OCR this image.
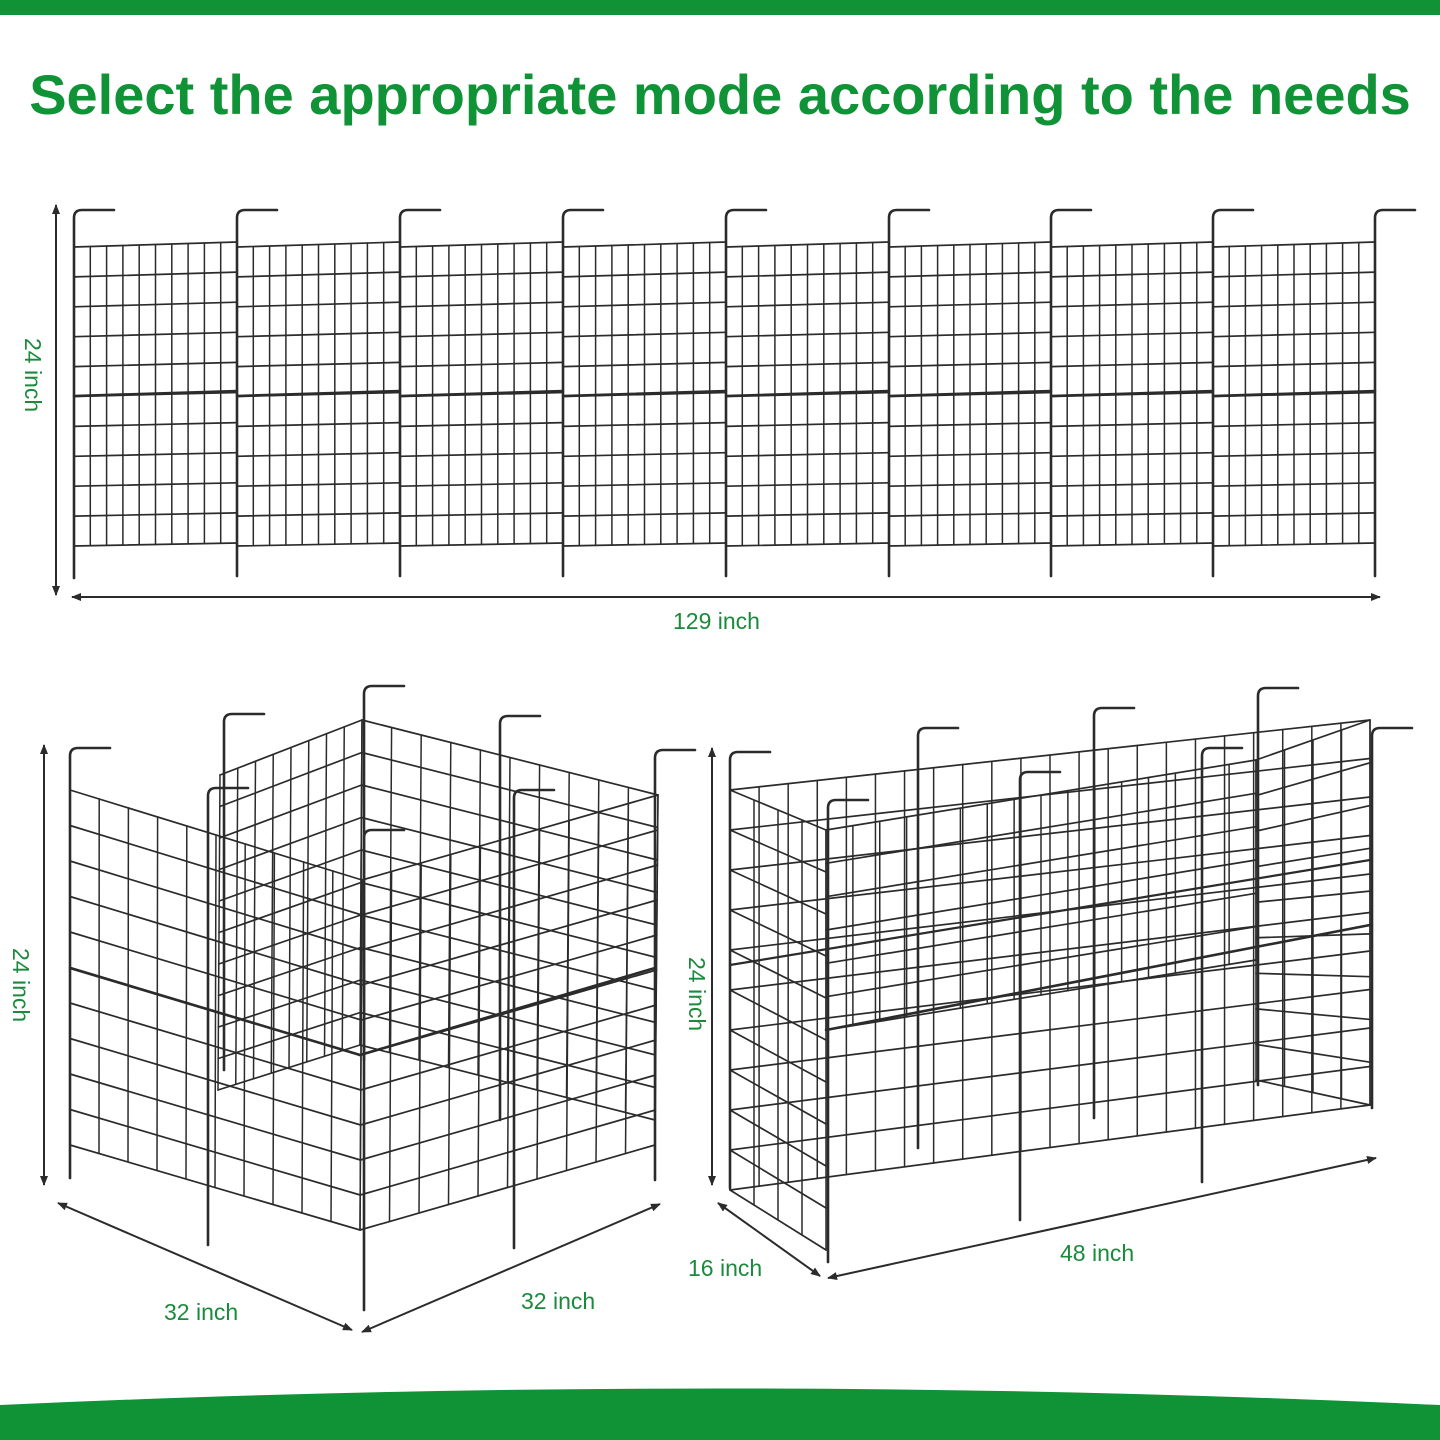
Select the appropriate mode according to the needs
24 inch
129 inch
24 inch
32 inch	32 inch
24 inch
16 inch
48 inch
